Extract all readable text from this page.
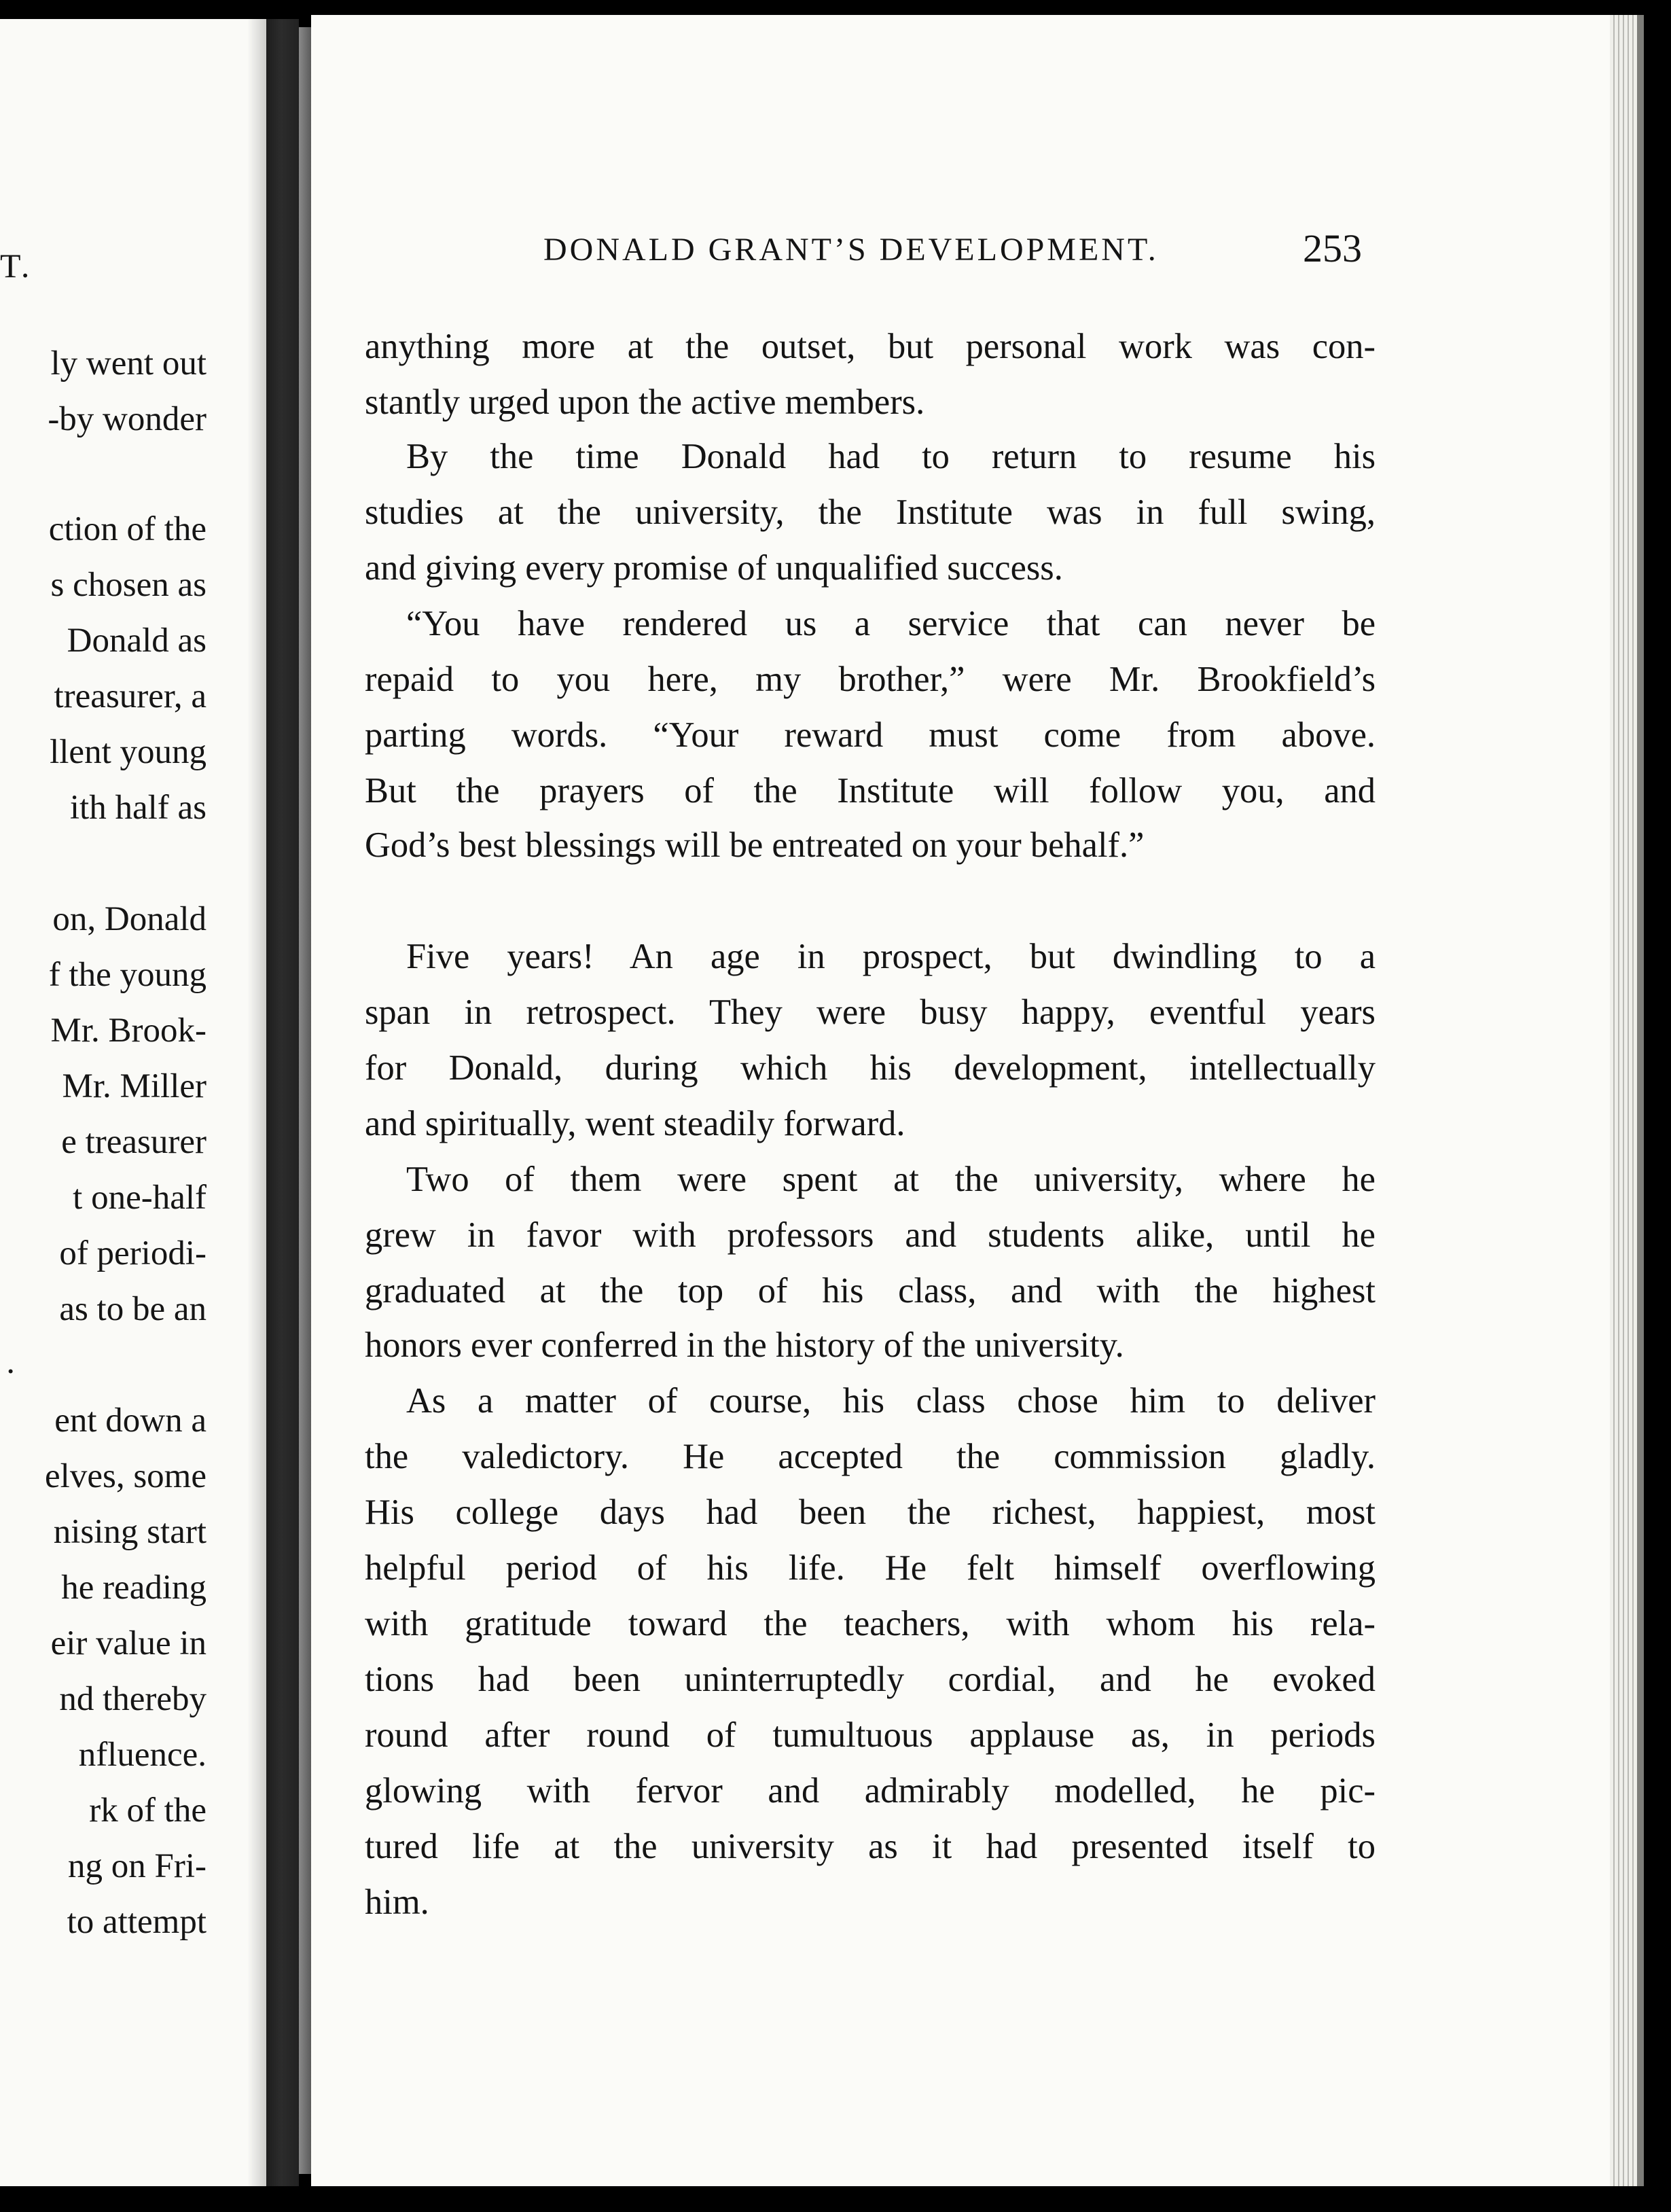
T.
ly went out
-by wonder
ction of the
s chosen as
Donald as
treasurer, a
llent young
ith half as
on, Donald
f the young
Mr. Brook-
Mr. Miller
e treasurer
t one-half
of periodi-
as to be an
.
ent down a
elves, some
nising start
he reading
eir value in
nd thereby
nfluence.
rk of the
ng on Fri-
to attempt
DONALD GRANT’S DEVELOPMENT.	253
anything more at the outset, but personal work was con-
stantly urged upon the active members.
By the time Donald had to return to resume his
studies at the university, the Institute was in full swing,
and giving every promise of unqualified success.
“You have rendered us a service that can never be
repaid to you here, my brother,” were Mr. Brookfield’s
parting words. “Your reward must come from above.
But the prayers of the Institute will follow you, and
God’s best blessings will be entreated on your behalf.”
Five years! An age in prospect, but dwindling to a
span in retrospect. They were busy happy, eventful years
for Donald, during which his development, intellectually
and spiritually, went steadily forward.
Two of them were spent at the university, where he
grew in favor with professors and students alike, until he
graduated at the top of his class, and with the highest
honors ever conferred in the history of the university.
As a matter of course, his class chose him to deliver
the valedictory. He accepted the commission gladly.
His college days had been the richest, happiest, most
helpful period of his life. He felt himself overflowing
with gratitude toward the teachers, with whom his rela-
tions had been uninterruptedly cordial, and he evoked
round after round of tumultuous applause as, in periods
glowing with fervor and admirably modelled, he pic-
tured life at the university as it had presented itself to
him.
